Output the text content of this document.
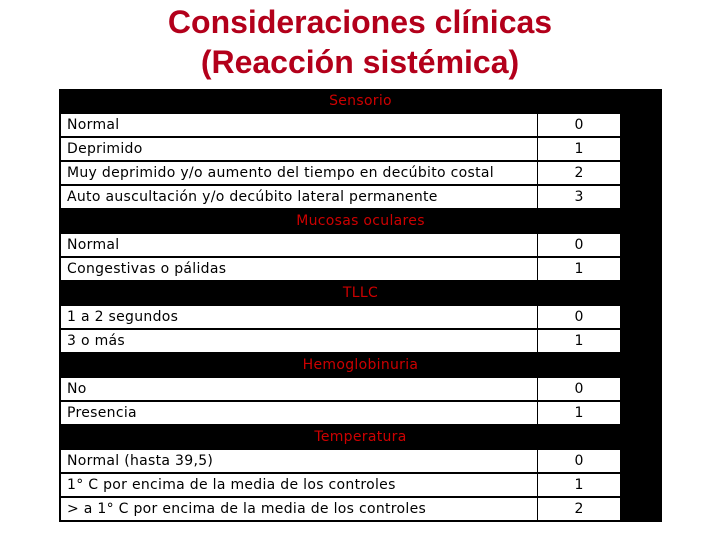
Consideraciones clínicas
(Reacción sistémica)
Sensorio
Normal	0
Deprimido	1
Muy deprimido y/o aumento del tiempo en decúbito costal	2
Auto auscultación y/o decúbito lateral permanente	3
Mucosas oculares
Normal	0
Congestivas o pálidas	1
TLLC
1 a 2 segundos	0
3 o más	1
Hemoglobinuria
No	0
Presencia	1
Temperatura
Normal (hasta 39,5)	0
1° C por encima de la media de los controles	1
> a 1° C por encima de la media de los controles	2
